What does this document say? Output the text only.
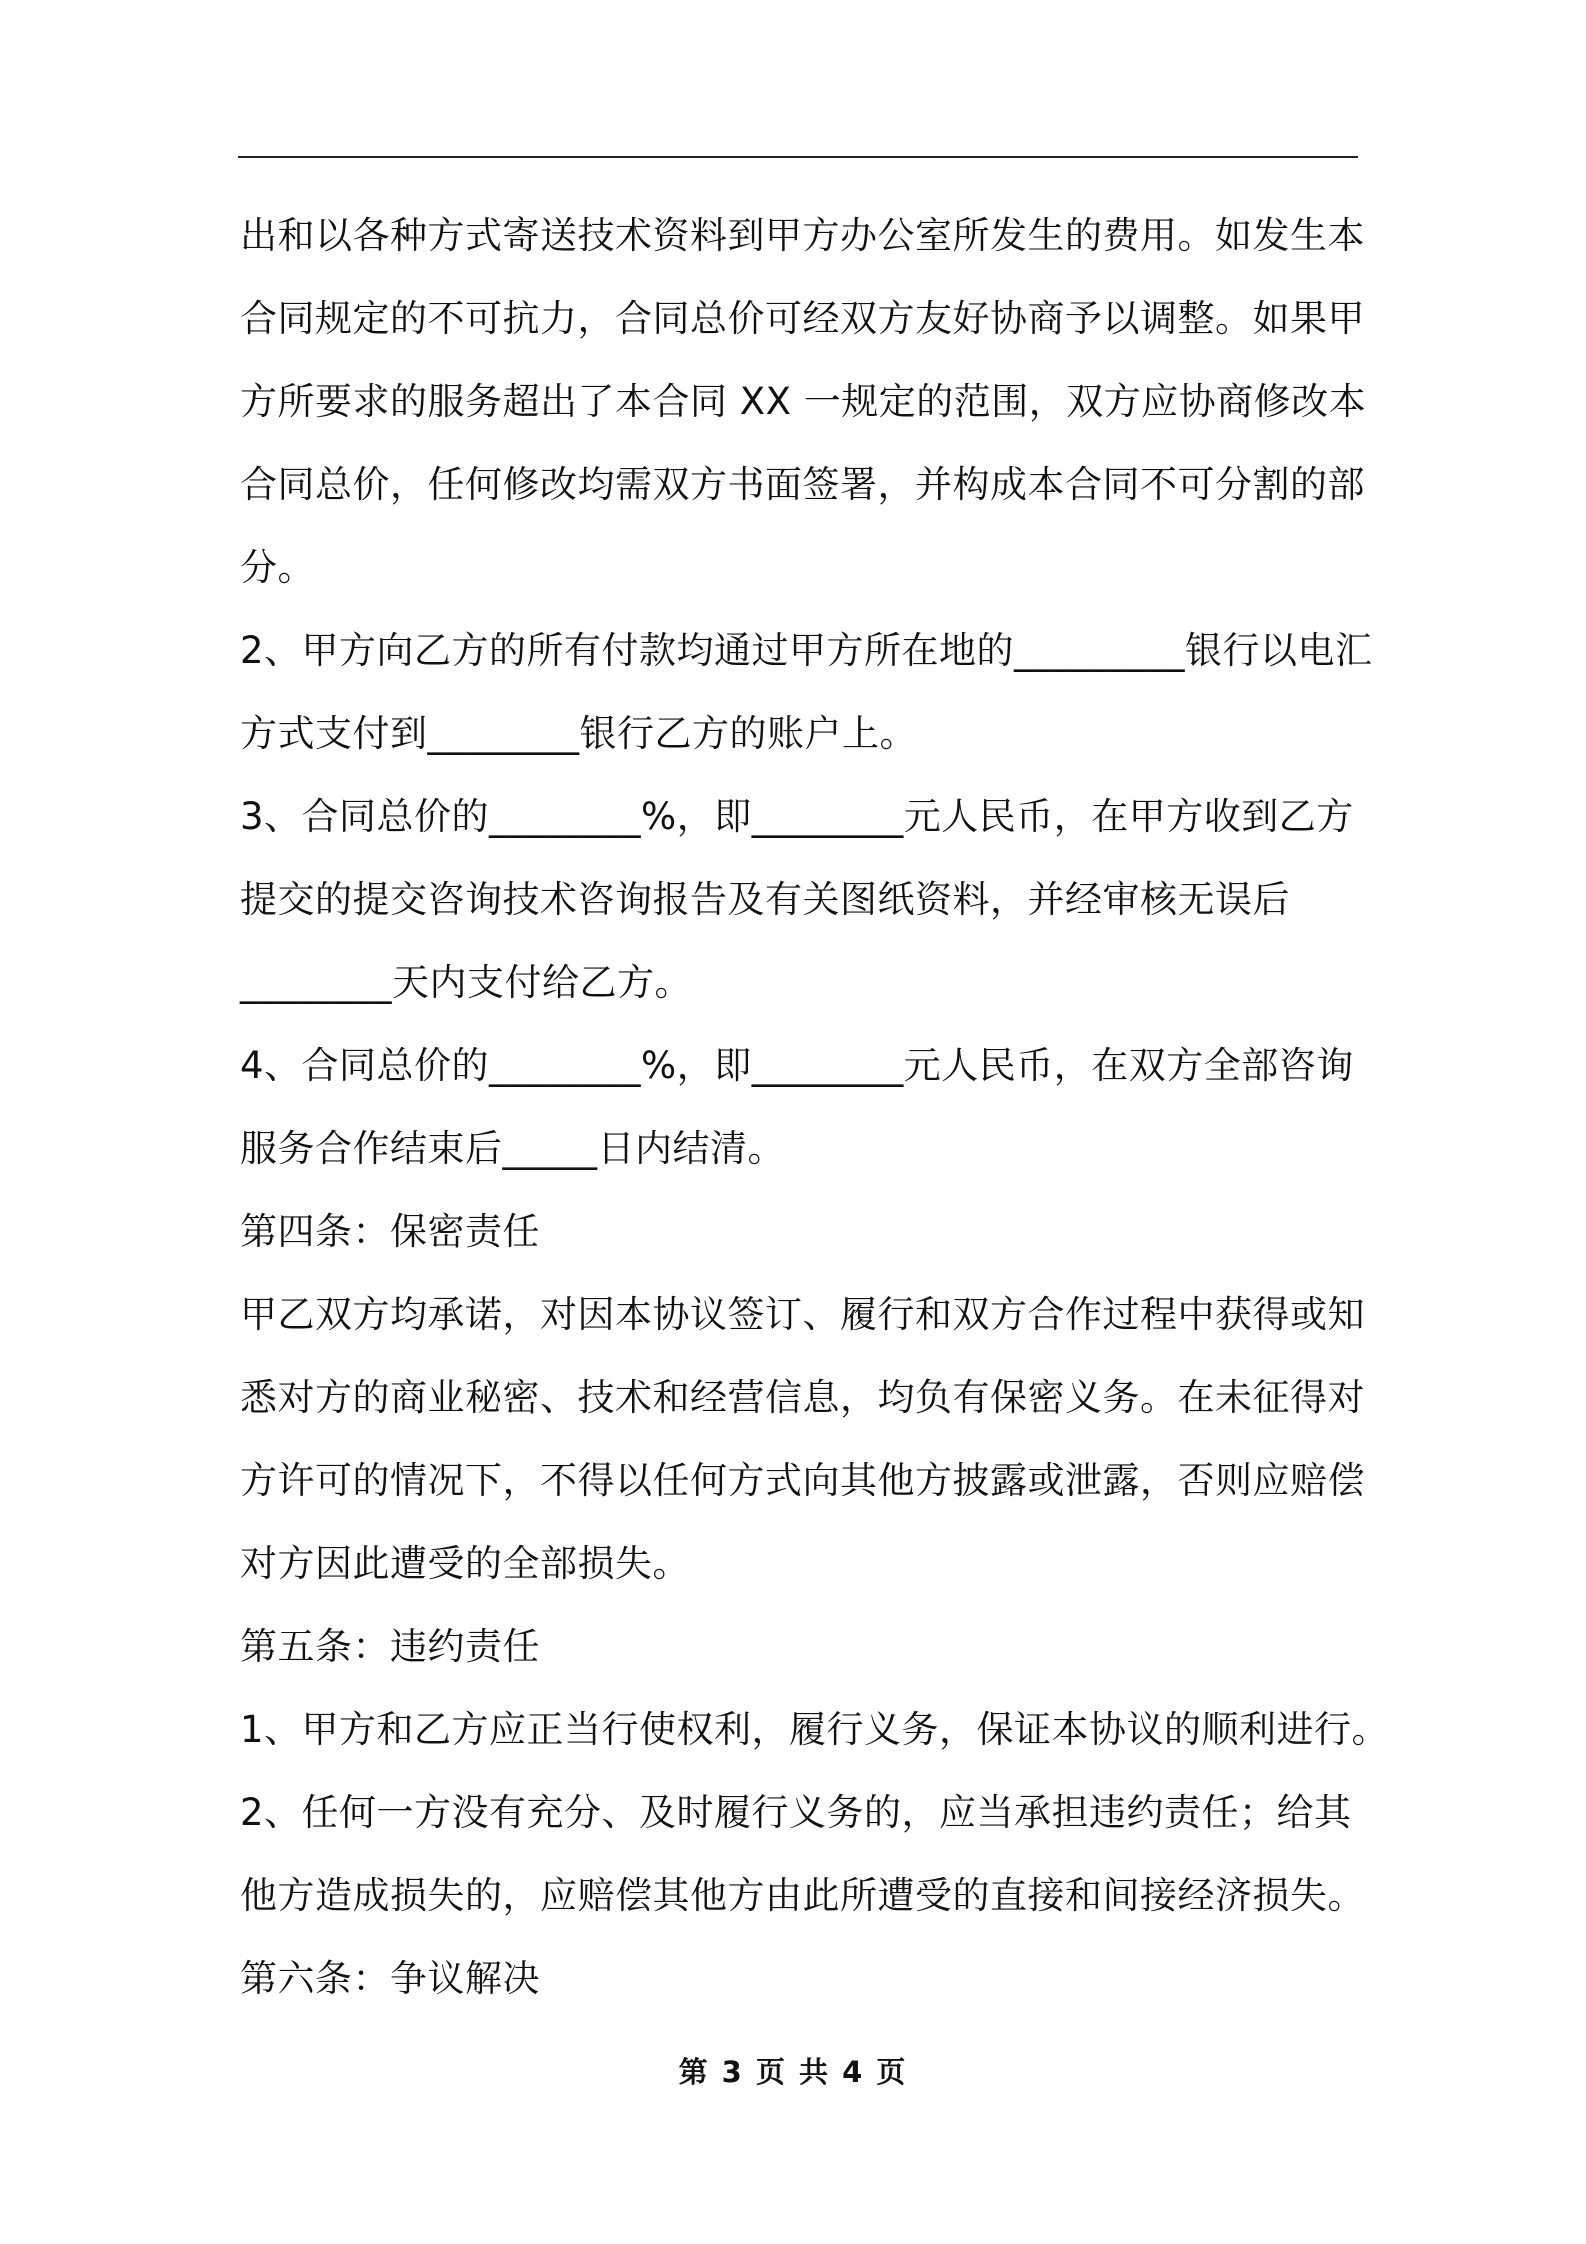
出和以各种方式寄送技术资料到甲方办公室所发生的费用。如发生本
合同规定的不可抗力，合同总价可经双方友好协商予以调整。如果甲
方所要求的服务超出了本合同 XX 一规定的范围，双方应协商修改本
合同总价，任何修改均需双方书面签署，并构成本合同不可分割的部
分。
2、甲方向乙方的所有付款均通过甲方所在地的_________银行以电汇
方式支付到________银行乙方的账户上。
3、合同总价的________%，即________元人民币，在甲方收到乙方
提交的提交咨询技术咨询报告及有关图纸资料，并经审核无误后
________天内支付给乙方。
4、合同总价的________%，即________元人民币，在双方全部咨询
服务合作结束后_____日内结清。
第四条：保密责任
甲乙双方均承诺，对因本协议签订、履行和双方合作过程中获得或知
悉对方的商业秘密、技术和经营信息，均负有保密义务。在未征得对
方许可的情况下，不得以任何方式向其他方披露或泄露，否则应赔偿
对方因此遭受的全部损失。
第五条：违约责任
1、甲方和乙方应正当行使权利，履行义务，保证本协议的顺利进行。
2、任何一方没有充分、及时履行义务的，应当承担违约责任；给其
他方造成损失的，应赔偿其他方由此所遭受的直接和间接经济损失。
第六条：争议解决
第 3 页 共 4 页
